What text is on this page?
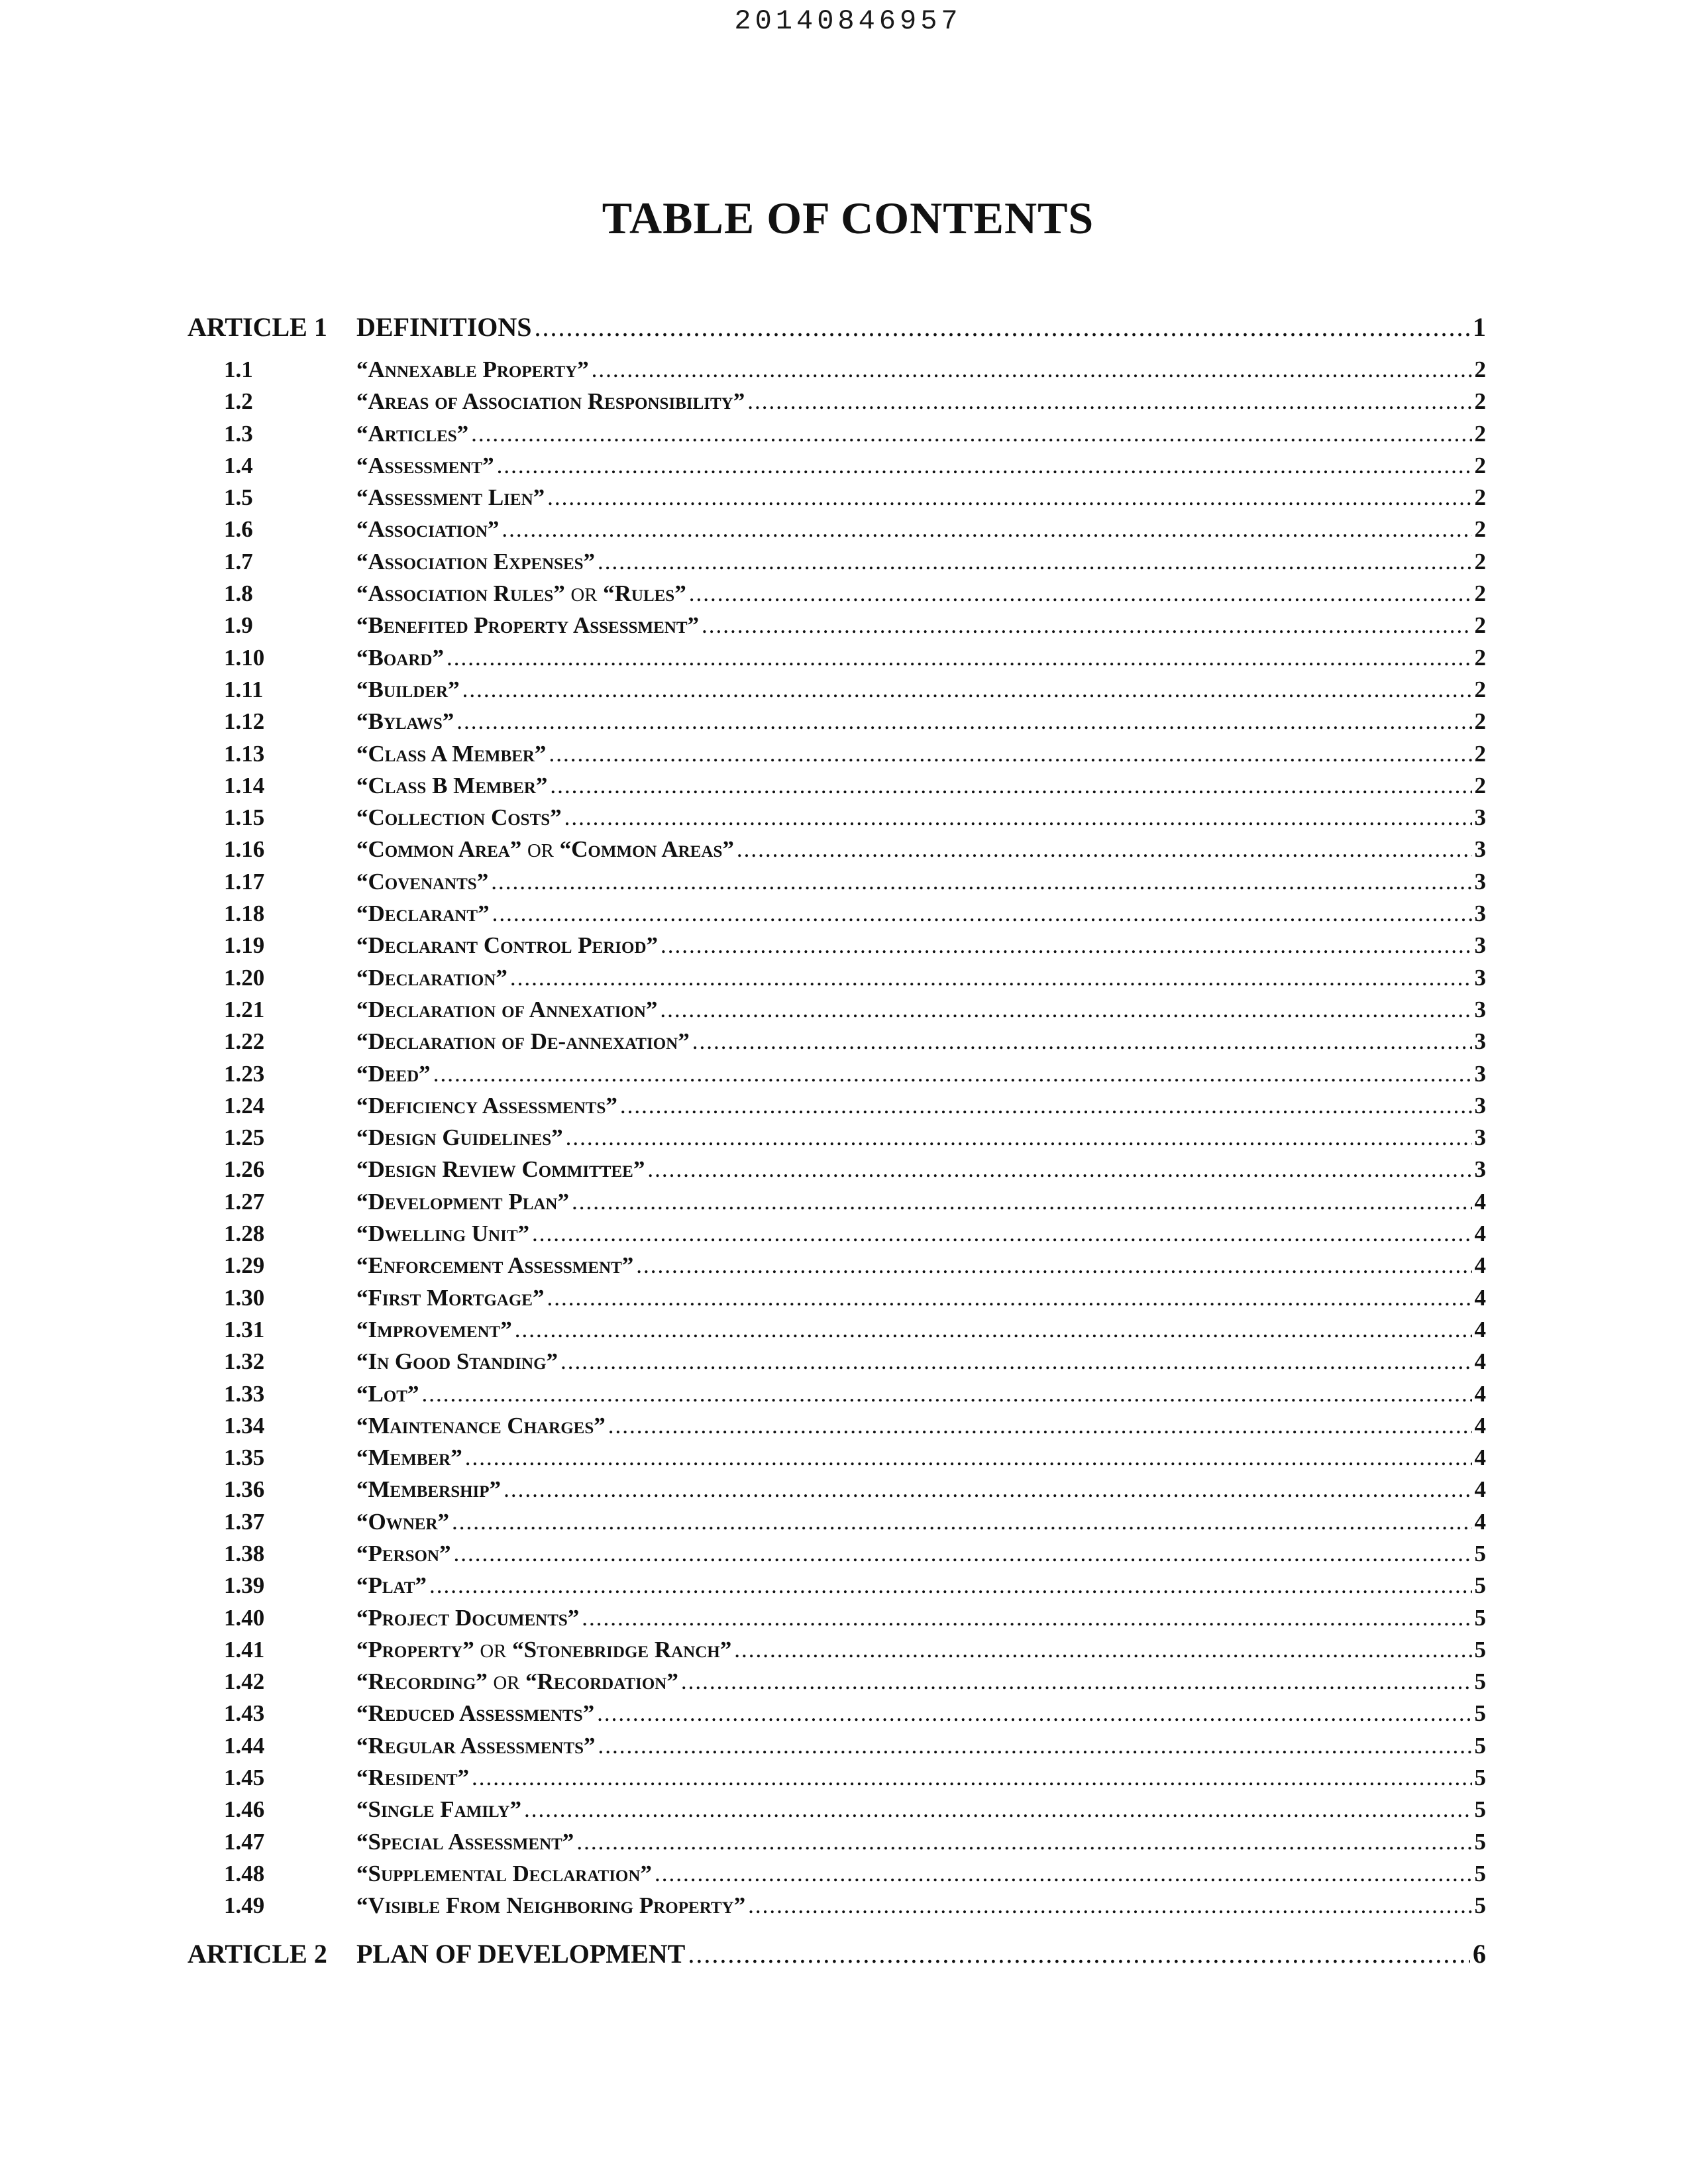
20140846957
TABLE OF CONTENTS
ARTICLE 1	DEFINITIONS .....	1
1.1	“Annexable Property” .....	2
1.2	“Areas of Association Responsibility” .....	2
1.3	“Articles” .....	2
1.4	“Assessment” .....	2
1.5	“Assessment Lien” .....	2
1.6	“Association” .....	2
1.7	“Association Expenses” .....	2
1.8	“Association Rules” OR “Rules” .....	2
1.9	“Benefited Property Assessment” .....	2
1.10	“Board” .....	2
1.11	“Builder” .....	2
1.12	“Bylaws” .....	2
1.13	“Class A Member” .....	2
1.14	“Class B Member” .....	2
1.15	“Collection Costs” .....	3
1.16	“Common Area” OR “Common Areas” .....	3
1.17	“Covenants” .....	3
1.18	“Declarant” .....	3
1.19	“Declarant Control Period” .....	3
1.20	“Declaration” .....	3
1.21	“Declaration of Annexation” .....	3
1.22	“Declaration of De-annexation” .....	3
1.23	“Deed” .....	3
1.24	“Deficiency Assessments” .....	3
1.25	“Design Guidelines” .....	3
1.26	“Design Review Committee” .....	3
1.27	“Development Plan” .....	4
1.28	“Dwelling Unit” .....	4
1.29	“Enforcement Assessment” .....	4
1.30	“First Mortgage” .....	4
1.31	“Improvement” .....	4
1.32	“In Good Standing” .....	4
1.33	“Lot” .....	4
1.34	“Maintenance Charges” .....	4
1.35	“Member” .....	4
1.36	“Membership” .....	4
1.37	“Owner” .....	4
1.38	“Person” .....	5
1.39	“Plat” .....	5
1.40	“Project Documents” .....	5
1.41	“Property” OR “Stonebridge Ranch” .....	5
1.42	“Recording” OR “Recordation” .....	5
1.43	“Reduced Assessments” .....	5
1.44	“Regular Assessments” .....	5
1.45	“Resident” .....	5
1.46	“Single Family” .....	5
1.47	“Special Assessment” .....	5
1.48	“Supplemental Declaration” .....	5
1.49	“Visible From Neighboring Property” .....	5
ARTICLE 2	PLAN OF DEVELOPMENT .....	6
